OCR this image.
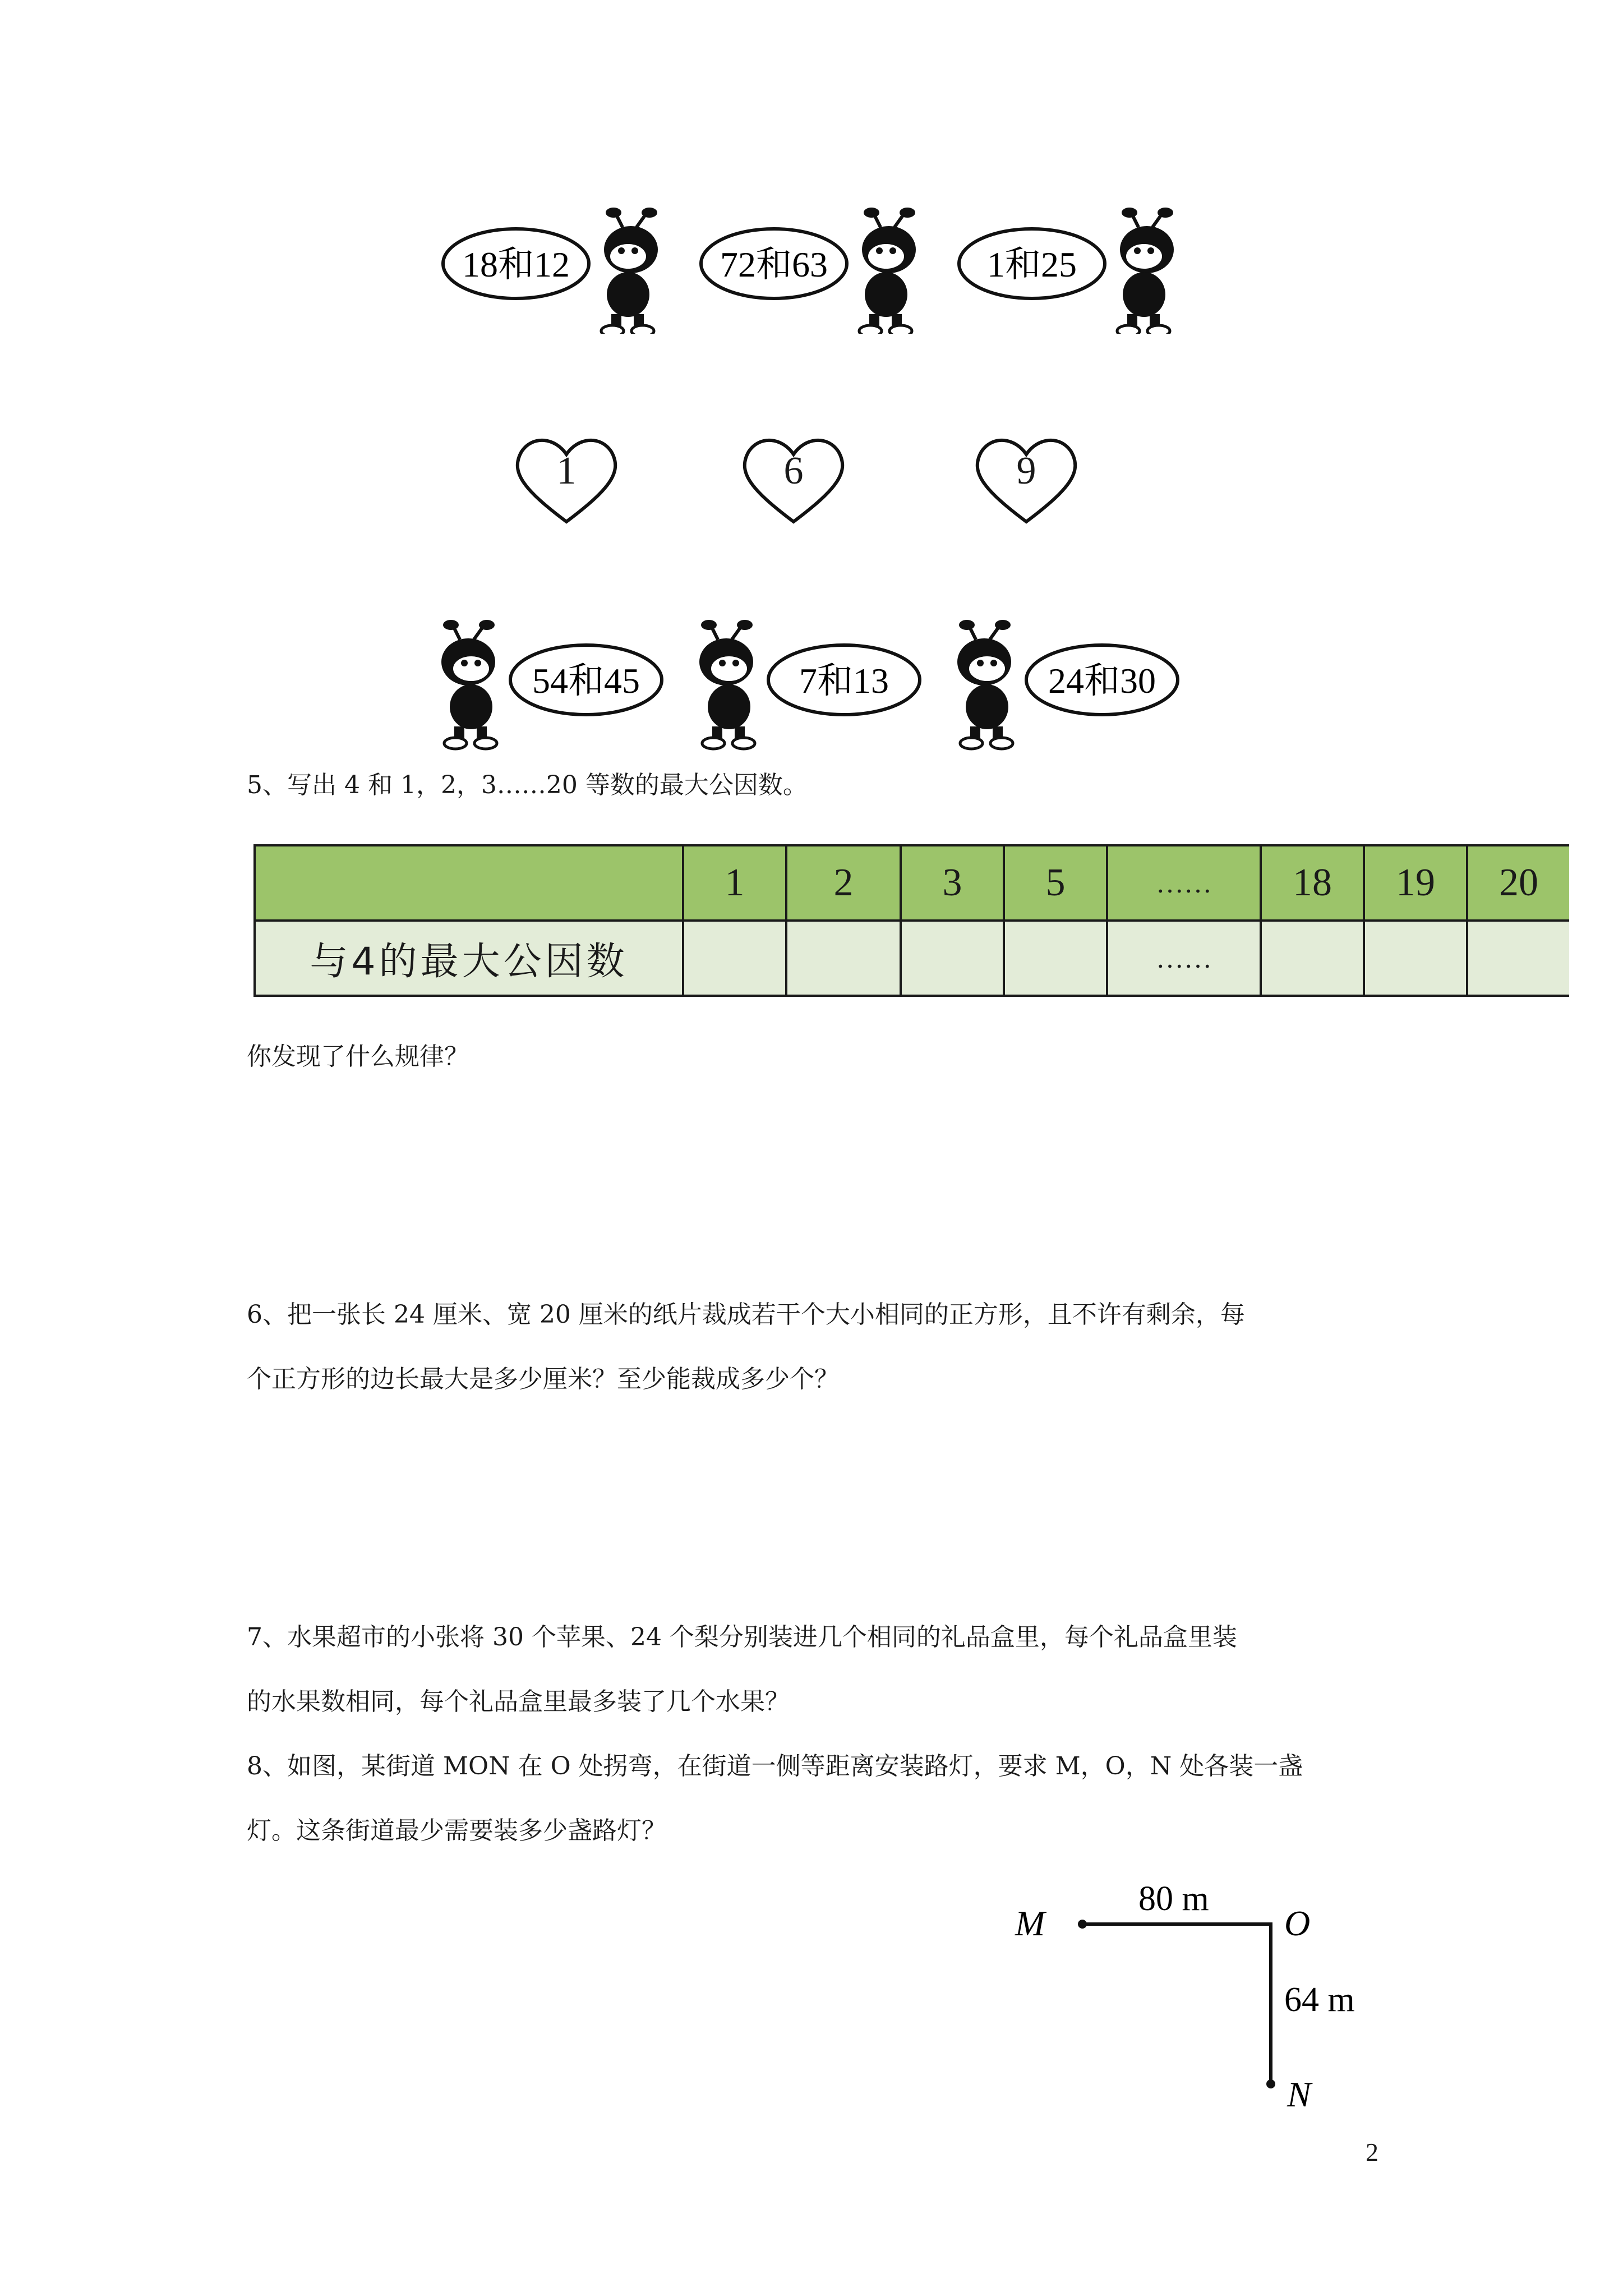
18和12	72和63	1和25
1	6	9
54和45	7和13	24和30
5、写出 4 和 1，2，3……20 等数的最大公因数。
	1	2	3	5	……	18	19	20
与4的最大公因数					……			
你发现了什么规律？
6、把一张长 24 厘米、宽 20 厘米的纸片裁成若干个大小相同的正方形，且不许有剩余，每
个正方形的边长最大是多少厘米？至少能裁成多少个？
7、水果超市的小张将 30 个苹果、24 个梨分别装进几个相同的礼品盒里，每个礼品盒里装
的水果数相同，每个礼品盒里最多装了几个水果？
8、如图，某街道 MON 在 O 处拐弯，在街道一侧等距离安装路灯，要求 M，O，N 处各装一盏
灯。这条街道最少需要装多少盏路灯？
M
80 m
O
64 m
N
2
